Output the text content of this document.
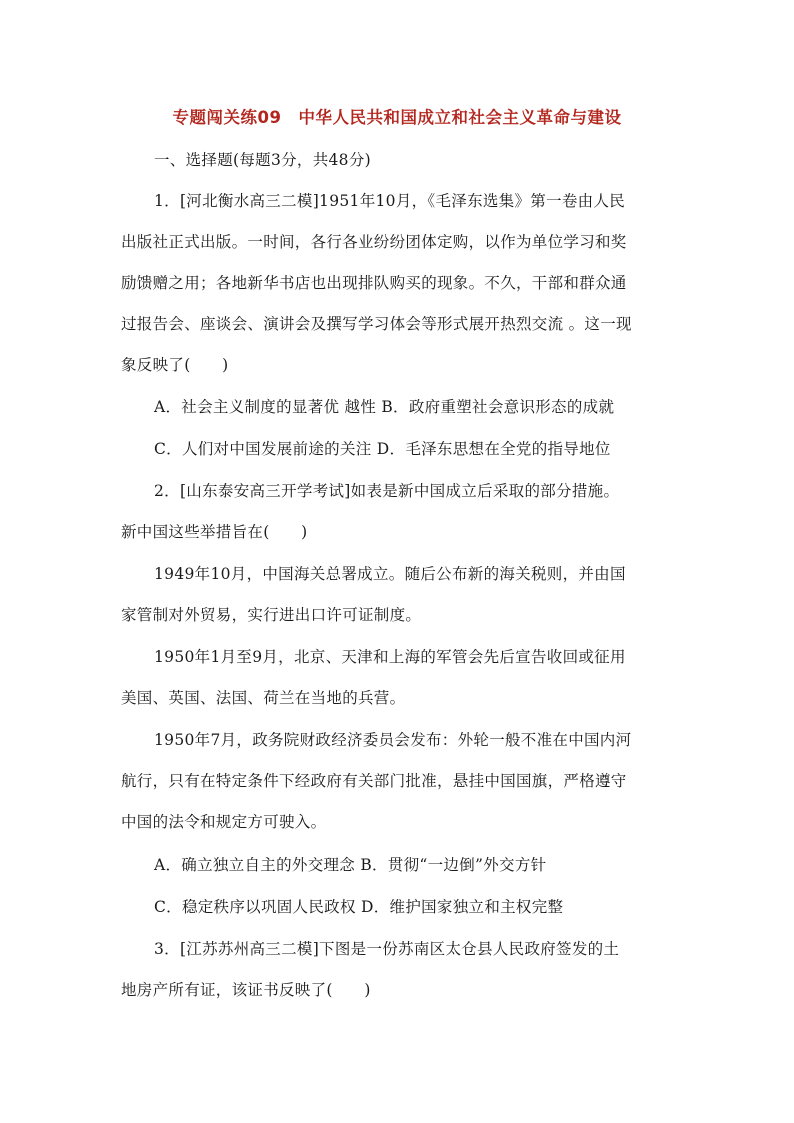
专题闯关练09　中华人民共和国成立和社会主义革命与建设
一、选择题(每题3分，共48分)
1．[河北衡水高三二模]1951年10月，《毛泽东选集》第一卷由人民
出版社正式出版。一时间，各行各业纷纷团体定购，以作为单位学习和奖
励馈赠之用；各地新华书店也出现排队购买的现象。不久，干部和群众通
过报告会、座谈会、演讲会及撰写学习体会等形式展开热烈交流 。这一现
象反映了(　　)
A．社会主义制度的显著优 越性 B．政府重塑社会意识形态的成就
C．人们对中国发展前途的关注 D．毛泽东思想在全党的指导地位
2．[山东泰安高三开学考试]如表是新中国成立后采取的部分措施。
新中国这些举措旨在(　　)
1949年10月，中国海关总署成立。随后公布新的海关税则，并由国
家管制对外贸易，实行进出口许可证制度。
1950年1月至9月，北京、天津和上海的军管会先后宣告收回或征用
美国、英国、法国、荷兰在当地的兵营。
1950年7月，政务院财政经济委员会发布：外轮一般不准在中国内河
航行，只有在特定条件下经政府有关部门批准，悬挂中国国旗，严格遵守
中国的法令和规定方可驶入。
A．确立独立自主的外交理念 B．贯彻“一边倒”外交方针
C．稳定秩序以巩固人民政权 D．维护国家独立和主权完整
3．[江苏苏州高三二模]下图是一份苏南区太仓县人民政府签发的土
地房产所有证，该证书反映了(　　)
